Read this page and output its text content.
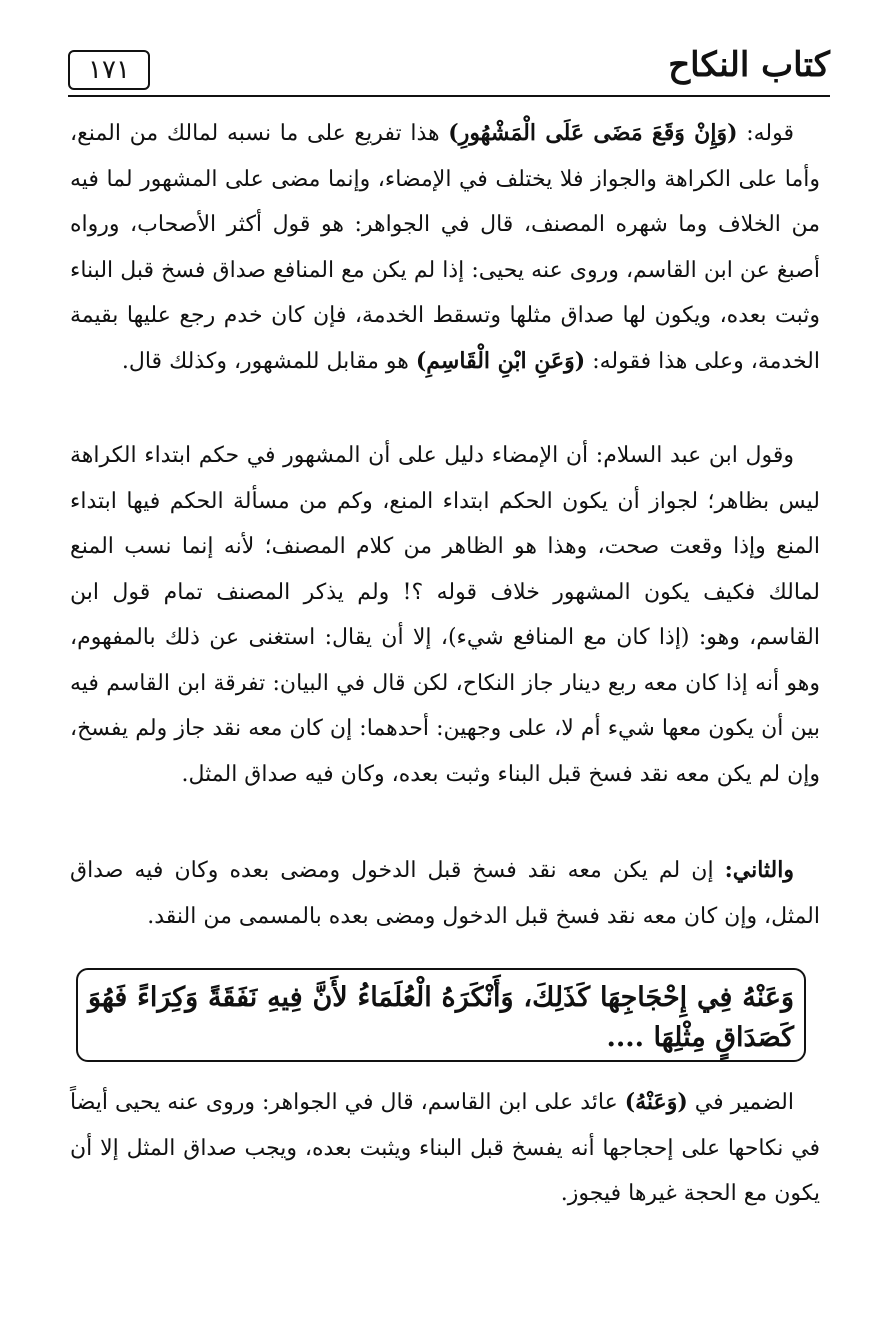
كتاب النكاح
١٧١
قوله: (وَإِنْ وَقَعَ مَضَى عَلَى الْمَشْهُورِ) هذا تفريع على ما نسبه لمالك من المنع، وأما على الكراهة والجواز فلا يختلف في الإمضاء، وإنما مضى على المشهور لما فيه من الخلاف وما شهره المصنف، قال في الجواهر: هو قول أكثر الأصحاب، ورواه أصبغ عن ابن القاسم، وروى عنه يحيى: إذا لم يكن مع المنافع صداق فسخ قبل البناء وثبت بعده، ويكون لها صداق مثلها وتسقط الخدمة، فإن كان خدم رجع عليها بقيمة الخدمة، وعلى هذا فقوله: (وَعَنِ ابْنِ الْقَاسِمِ) هو مقابل للمشهور، وكذلك قال.
وقول ابن عبد السلام: أن الإمضاء دليل على أن المشهور في حكم ابتداء الكراهة ليس بظاهر؛ لجواز أن يكون الحكم ابتداء المنع، وكم من مسألة الحكم فيها ابتداء المنع وإذا وقعت صحت، وهذا هو الظاهر من كلام المصنف؛ لأنه إنما نسب المنع لمالك فكيف يكون المشهور خلاف قوله ؟! ولم يذكر المصنف تمام قول ابن القاسم، وهو: (إذا كان مع المنافع شيء)، إلا أن يقال: استغنى عن ذلك بالمفهوم، وهو أنه إذا كان معه ربع دينار جاز النكاح، لكن قال في البيان: تفرقة ابن القاسم فيه بين أن يكون معها شيء أم لا، على وجهين: أحدهما: إن كان معه نقد جاز ولم يفسخ، وإن لم يكن معه نقد فسخ قبل البناء وثبت بعده، وكان فيه صداق المثل.
والثاني: إن لم يكن معه نقد فسخ قبل الدخول ومضى بعده وكان فيه صداق المثل، وإن كان معه نقد فسخ قبل الدخول ومضى بعده بالمسمى من النقد.
وَعَنْهُ فِي إِحْجَاجِهَا كَذَلِكَ، وَأَنْكَرَهُ الْعُلَمَاءُ لأَنَّ فِيهِ نَفَقَةً وَكِرَاءً فَهُوَ كَصَدَاقٍ مِثْلِهَا ....
الضمير في (وَعَنْهُ) عائد على ابن القاسم، قال في الجواهر: وروى عنه يحيى أيضاً في نكاحها على إحجاجها أنه يفسخ قبل البناء ويثبت بعده، ويجب صداق المثل إلا أن يكون مع الحجة غيرها فيجوز.
